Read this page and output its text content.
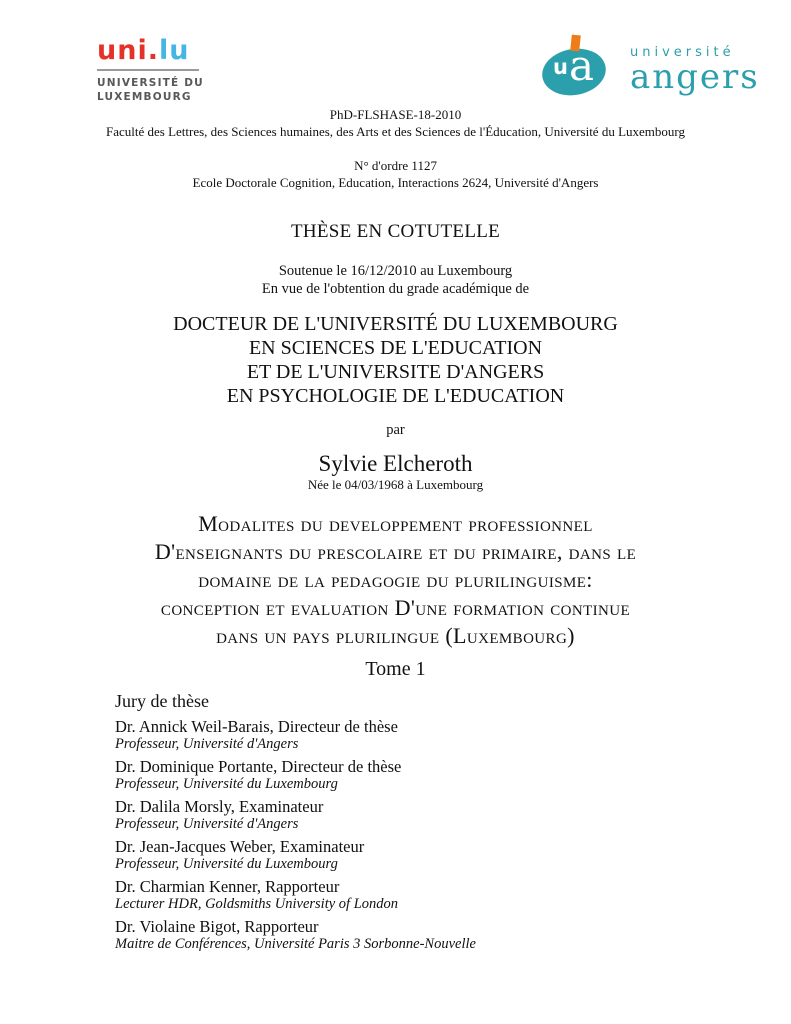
uni.lu
UNIVERSITÉ DU
LUXEMBOURG
u a	université
angers
PhD-FLSHASE-18-2010
Faculté des Lettres, des Sciences humaines, des Arts et des Sciences de l'Éducation, Université du Luxembourg
N° d'ordre 1127
Ecole Doctorale Cognition, Education, Interactions 2624, Université d'Angers
THÈSE EN COTUTELLE
Soutenue le 16/12/2010 au Luxembourg
En vue de l'obtention du grade académique de
DOCTEUR DE L'UNIVERSITÉ DU LUXEMBOURG
EN SCIENCES DE L'EDUCATION
ET DE L'UNIVERSITE D'ANGERS
EN PSYCHOLOGIE DE L'EDUCATION
par
Sylvie Elcheroth
Née le 04/03/1968 à Luxembourg
Modalites du developpement professionnel
D'enseignants du prescolaire et du primaire, dans le
domaine de la pedagogie du plurilinguisme:
conception et evaluation D'une formation continue
dans un pays plurilingue (Luxembourg)
Tome 1
Jury de thèse
Dr. Annick Weil-Barais, Directeur de thèse
Professeur, Université d'Angers
Dr. Dominique Portante, Directeur de thèse
Professeur, Université du Luxembourg
Dr. Dalila Morsly, Examinateur
Professeur, Université d'Angers
Dr. Jean-Jacques Weber, Examinateur
Professeur, Université du Luxembourg
Dr. Charmian Kenner, Rapporteur
Lecturer HDR, Goldsmiths University of London
Dr. Violaine Bigot, Rapporteur
Maitre de Conférences, Université Paris 3 Sorbonne-Nouvelle
